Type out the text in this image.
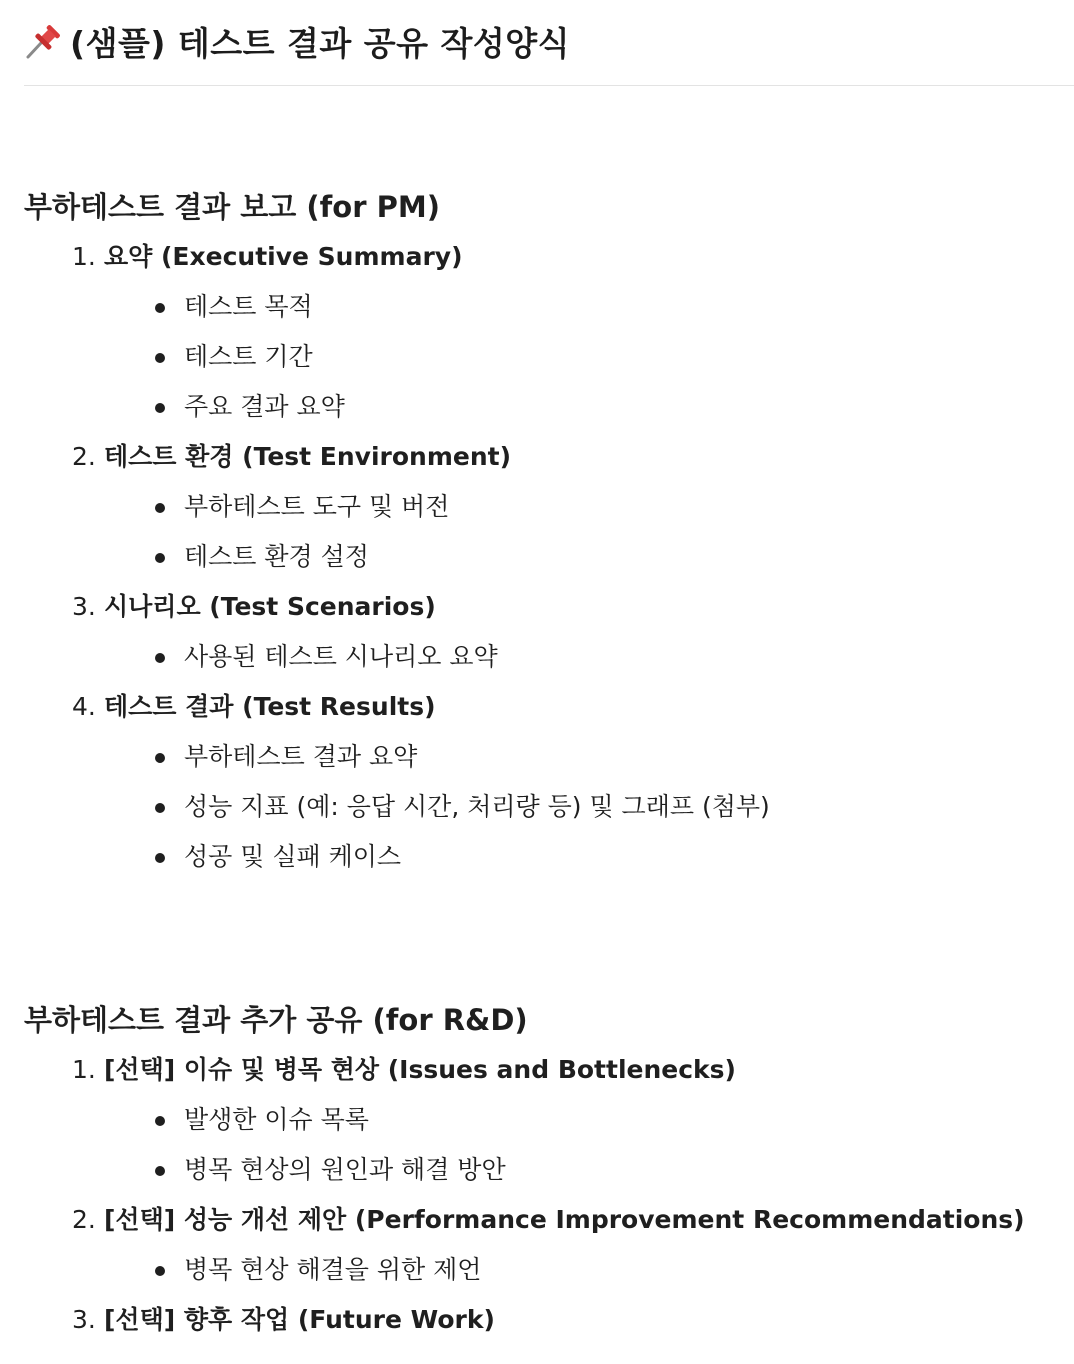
(샘플) 테스트 결과 공유 작성양식
부하테스트 결과 보고 (for PM)
1. 요약 (Executive Summary)
테스트 목적
테스트 기간
주요 결과 요약
2. 테스트 환경 (Test Environment)
부하테스트 도구 및 버전
테스트 환경 설정
3. 시나리오 (Test Scenarios)
사용된 테스트 시나리오 요약
4. 테스트 결과 (Test Results)
부하테스트 결과 요약
성능 지표 (예: 응답 시간, 처리량 등) 및 그래프 (첨부)
성공 및 실패 케이스
부하테스트 결과 추가 공유 (for R&D)
1. [선택] 이슈 및 병목 현상 (Issues and Bottlenecks)
발생한 이슈 목록
병목 현상의 원인과 해결 방안
2. [선택] 성능 개선 제안 (Performance Improvement Recommendations)
병목 현상 해결을 위한 제언
3. [선택] 향후 작업 (Future Work)
